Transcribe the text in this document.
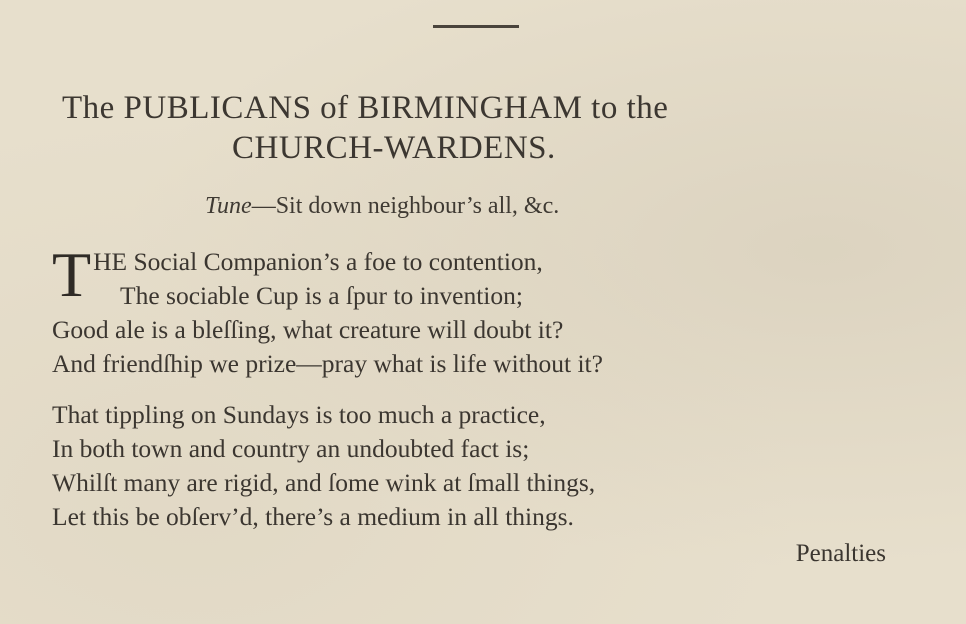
The PUBLICANS of BIRMINGHAM to the
CHURCH-WARDENS.
Tune—Sit down neighbour’s all, &c.
T HE Social Companion’s a foe to contention,
The sociable Cup is a ſpur to invention;
Good ale is a bleſſing, what creature will doubt it?
And friendſhip we prize—pray what is life without it?
That tippling on Sundays is too much a practice,
In both town and country an undoubted fact is;
Whilſt many are rigid, and ſome wink at ſmall things,
Let this be obſerv’d, there’s a medium in all things.
Penalties
